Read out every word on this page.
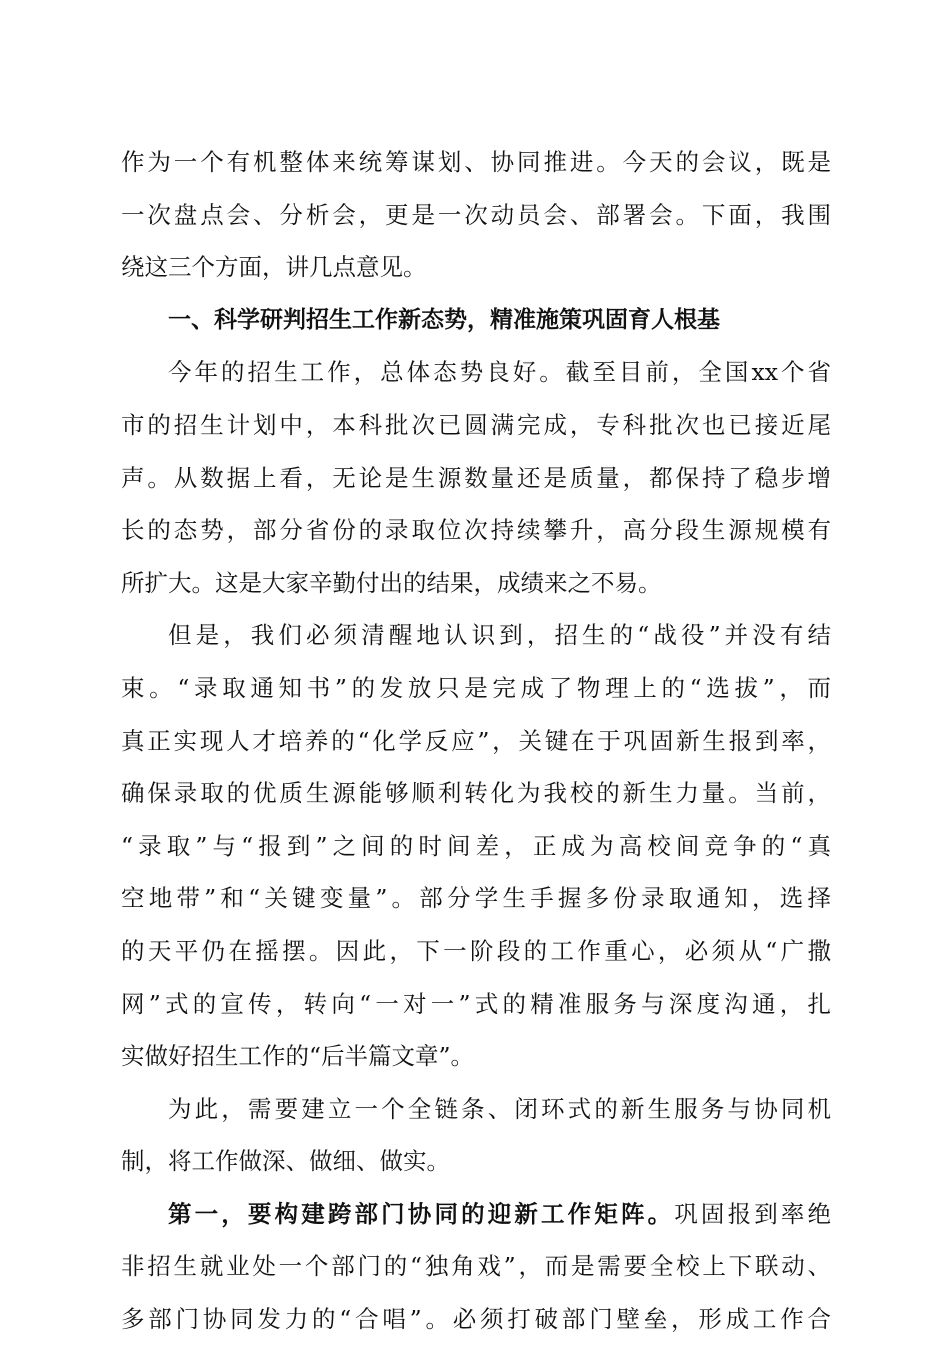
作为一个有机整体来统筹谋划、协同推进。今天的会议，既是
一次盘点会、分析会，更是一次动员会、部署会。下面，我围
绕这三个方面，讲几点意见。
一、科学研判招生工作新态势，精准施策巩固育人根基
今年的招生工作，总体态势良好。截至目前，全国xx个省
市的招生计划中，本科批次已圆满完成，专科批次也已接近尾
声。从数据上看，无论是生源数量还是质量，都保持了稳步增
长的态势，部分省份的录取位次持续攀升，高分段生源规模有
所扩大。这是大家辛勤付出的结果，成绩来之不易。
但是，我们必须清醒地认识到，招生的“战役”并没有结
束。“录取通知书”的发放只是完成了物理上的“选拔”，而
真正实现人才培养的“化学反应”，关键在于巩固新生报到率，
确保录取的优质生源能够顺利转化为我校的新生力量。当前，
“录取”与“报到”之间的时间差，正成为高校间竞争的“真
空地带”和“关键变量”。部分学生手握多份录取通知，选择
的天平仍在摇摆。因此，下一阶段的工作重心，必须从“广撒
网”式的宣传，转向“一对一”式的精准服务与深度沟通，扎
实做好招生工作的“后半篇文章”。
为此，需要建立一个全链条、闭环式的新生服务与协同机
制，将工作做深、做细、做实。
第一，要构建跨部门协同的迎新工作矩阵。巩固报到率绝
非招生就业处一个部门的“独角戏”，而是需要全校上下联动、
多部门协同发力的“合唱”。必须打破部门壁垒，形成工作合
